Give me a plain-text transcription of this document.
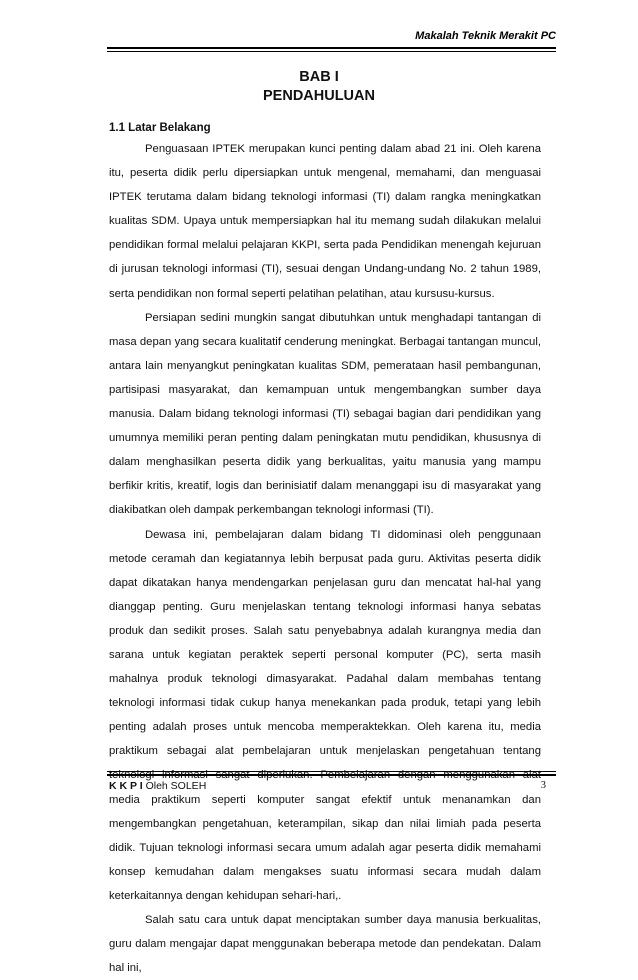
Makalah Teknik Merakit PC
BAB I
PENDAHULUAN
1.1 Latar Belakang

Penguasaan IPTEK merupakan kunci penting dalam abad 21 ini. Oleh karena itu, peserta didik perlu dipersiapkan untuk mengenal, memahami, dan menguasai IPTEK terutama dalam bidang teknologi informasi (TI) dalam rangka meningkatkan kualitas SDM. Upaya untuk mempersiapkan hal itu memang sudah dilakukan melalui pendidikan formal melalui pelajaran KKPI, serta pada Pendidikan menengah kejuruan di jurusan teknologi informasi (TI), sesuai dengan Undang-undang No. 2 tahun 1989, serta pendidikan non formal seperti pelatihan pelatihan, atau kursusu-kursus.

Persiapan sedini mungkin sangat dibutuhkan untuk menghadapi tantangan di masa depan yang secara kualitatif cenderung meningkat. Berbagai tantangan muncul, antara lain menyangkut peningkatan kualitas SDM, pemerataan hasil pembangunan, partisipasi masyarakat, dan kemampuan untuk mengembangkan sumber daya manusia. Dalam bidang teknologi informasi (TI) sebagai bagian dari pendidikan yang umumnya memiliki peran penting dalam peningkatan mutu pendidikan, khususnya di dalam menghasilkan peserta didik yang berkualitas, yaitu manusia yang mampu berfikir kritis, kreatif, logis dan berinisiatif dalam menanggapi isu di masyarakat yang diakibatkan oleh dampak perkembangan teknologi informasi (TI).

Dewasa ini, pembelajaran dalam bidang TI didominasi oleh penggunaan metode ceramah dan kegiatannya lebih berpusat pada guru. Aktivitas peserta didik dapat dikatakan hanya mendengarkan penjelasan guru dan mencatat hal-hal yang dianggap penting. Guru menjelaskan tentang teknologi informasi hanya sebatas produk dan sedikit proses. Salah satu penyebabnya adalah kurangnya media dan sarana untuk kegiatan peraktek seperti personal komputer (PC), serta masih mahalnya produk teknologi dimasyarakat. Padahal dalam membahas tentang teknologi informasi tidak cukup hanya menekankan pada produk, tetapi yang lebih penting adalah proses untuk mencoba memperaktekkan. Oleh karena itu, media praktikum sebagai alat pembelajaran untuk menjelaskan pengetahuan tentang media praktikum seperti komputer sangat efektif untuk menanamkan dan mengembangkan pengetahuan, keterampilan, sikap dan nilai limiah pada peserta didik. Tujuan teknologi informasi secara umum adalah agar peserta didik memahami konsep kemudahan dalam mengakses suatu informasi secara mudah dalam keterkaitannya dengan kehidupan sehari-hari,.

Salah satu cara untuk dapat menciptakan sumber daya manusia berkualitas, guru dalam mengajar dapat menggunakan beberapa metode dan pendekatan. Dalam hal ini,

K K P I Oleh SOLEH	3
